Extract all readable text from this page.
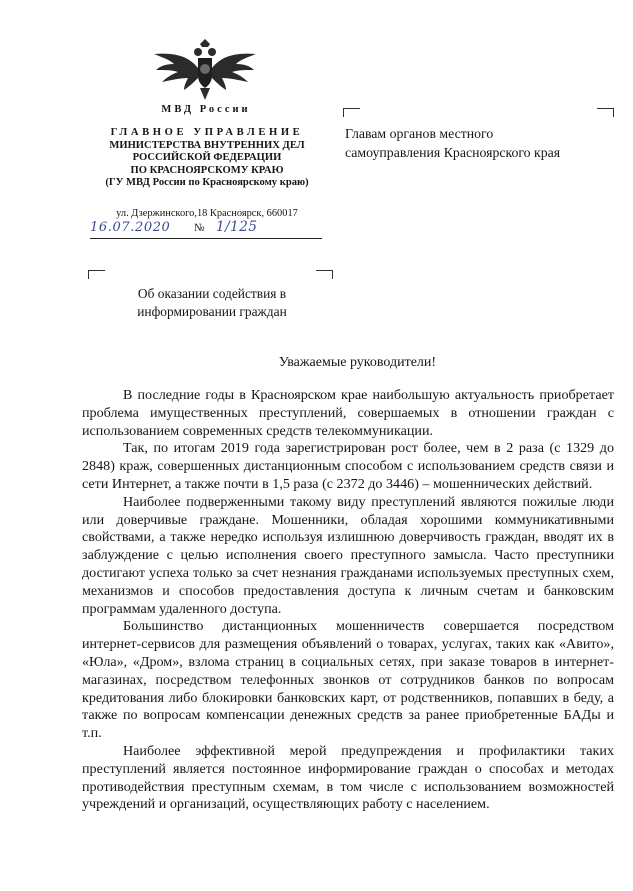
МВД России
ГЛАВНОЕ УПРАВЛЕНИЕ
МИНИСТЕРСТВА ВНУТРЕННИХ ДЕЛ
РОССИЙСКОЙ ФЕДЕРАЦИИ
ПО КРАСНОЯРСКОМУ КРАЮ
(ГУ МВД России по Красноярскому краю)
ул. Дзержинского,18 Красноярск, 660017
16.07.2020	№ 1/125
Главам органов местного
самоуправления Красноярского края
Об оказании содействия в
информировании граждан
Уважаемые руководители!

В последние годы в Красноярском крае наибольшую актуальность приобретает проблема имущественных преступлений, совершаемых в отношении граждан с использованием современных средств телекоммуникации.

Так, по итогам 2019 года зарегистрирован рост более, чем в 2 раза (с 1329 до 2848) краж, совершенных дистанционным способом с использованием средств связи и сети Интернет, а также почти в 1,5 раза (с 2372 до 3446) – мошеннических действий.

Наиболее подверженными такому виду преступлений являются пожилые люди или доверчивые граждане. Мошенники, обладая хорошими коммуникативными свойствами, а также нередко используя излишнюю доверчивость граждан, вводят их в заблуждение с целью исполнения своего преступного замысла. Часто преступники достигают успеха только за счет незнания гражданами используемых преступных схем, механизмов и способов предоставления доступа к личным счетам и банковским программам удаленного доступа.

Большинство дистанционных мошенничеств совершается посредством интернет-сервисов для размещения объявлений о товарах, услугах, таких как «Авито», «Юла», «Дром», взлома страниц в социальных сетях, при заказе товаров в интернет-магазинах, посредством телефонных звонков от сотрудников банков по вопросам кредитования либо блокировки банковских карт, от родственников, попавших в беду, а также по вопросам компенсации денежных средств за ранее приобретенные БАДы и т.п.

Наиболее эффективной мерой предупреждения и профилактики таких преступлений является постоянное информирование граждан о способах и методах противодействия преступным схемам, в том числе с использованием возможностей учреждений и организаций, осуществляющих работу с населением.
